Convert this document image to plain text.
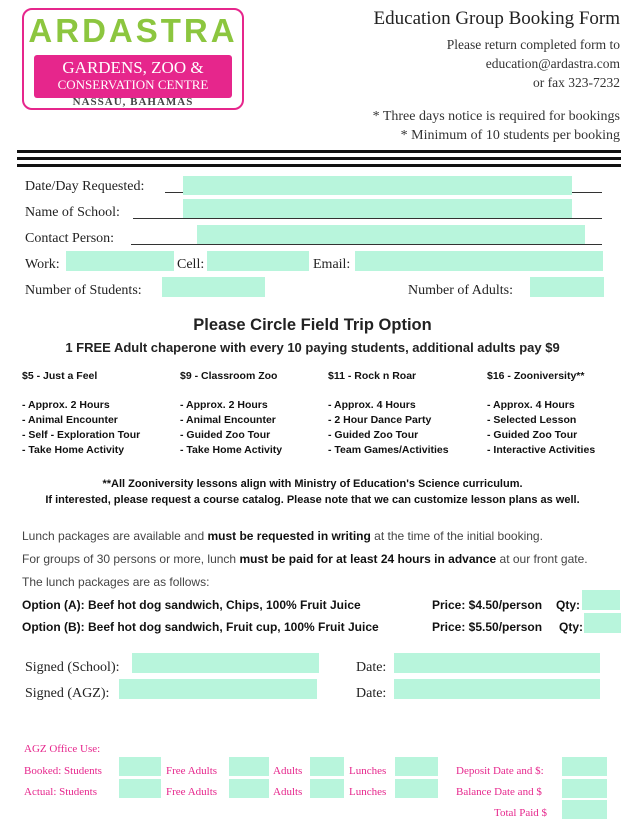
ARDASTRA
GARDENS, ZOO &
CONSERVATION CENTRE
NASSAU, BAHAMAS
Education Group Booking Form
Please return completed form to
education@ardastra.com
or fax 323-7232
* Three days notice is required for bookings
* Minimum of 10 students per booking
Date/Day Requested:
Name of School:
Contact Person:
Work:	Cell:	Email:
Number of Students:	Number of Adults:
Please Circle Field Trip Option
1 FREE Adult chaperone with every 10 paying students, additional adults pay $9
$5 - Just a Feel
- Approx. 2 Hours
- Animal Encounter
- Self - Exploration Tour
- Take Home Activity
$9 - Classroom Zoo
- Approx. 2 Hours
- Animal Encounter
- Guided Zoo Tour
- Take Home Activity
$11 - Rock n Roar
- Approx. 4 Hours
- 2 Hour Dance Party
- Guided Zoo Tour
- Team Games/Activities
$16 - Zooniversity**
- Approx. 4 Hours
- Selected Lesson
- Guided Zoo Tour
- Interactive Activities
**All Zooniversity lessons align with Ministry of Education's Science curriculum.
If interested, please request a course catalog. Please note that we can customize lesson plans as well.
Lunch packages are available and must be requested in writing at the time of the initial booking.
For groups of 30 persons or more, lunch must be paid for at least 24 hours in advance at our front gate.
The lunch packages are as follows:
Option (A): Beef hot dog sandwich, Chips, 100% Fruit Juice	Price: $4.50/person Qty:
Option (B): Beef hot dog sandwich, Fruit cup, 100% Fruit Juice	Price: $5.50/person Qty:
Signed (School):	Date:
Signed (AGZ):	Date:
AGZ Office Use:
Booked: Students	Free Adults	Adults	Lunches	Deposit Date and $:
Actual: Students	Free Adults	Adults	Lunches	Balance Date and $
Total Paid $
